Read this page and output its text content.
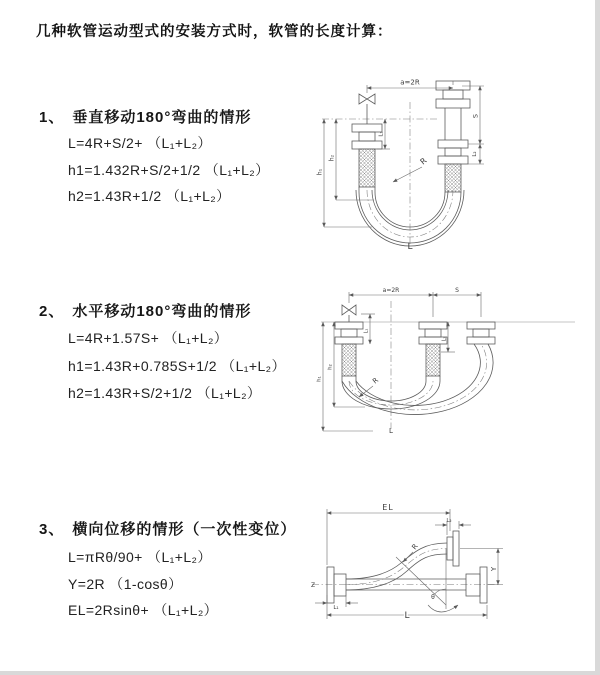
几种软管运动型式的安装方式时，软管的长度计算：
1、 垂直移动180°弯曲的情形
L=4R+S/2+ （L₁+L₂）
h1=1.432R+S/2+1/2 （L₁+L₂）
h2=1.43R+1/2 （L₁+L₂）
2、 水平移动180°弯曲的情形
L=4R+1.57S+ （L₁+L₂）
h1=1.43R+0.785S+1/2 （L₁+L₂）
h2=1.43R+S/2+1/2 （L₁+L₂）
3、 横向位移的情形（一次性变位）
L=πRθ/90+ （L₁+L₂）
Y=2R （1-cosθ）
EL=2Rsinθ+ （L₁+L₂）
a=2R
h₁
h₂
L₁
S
L₂
R
L
a=2R	S
h₁
h₂
L₁
L₂
R
L
Z
EL
L₂
Y
θ
R
L
L₁
